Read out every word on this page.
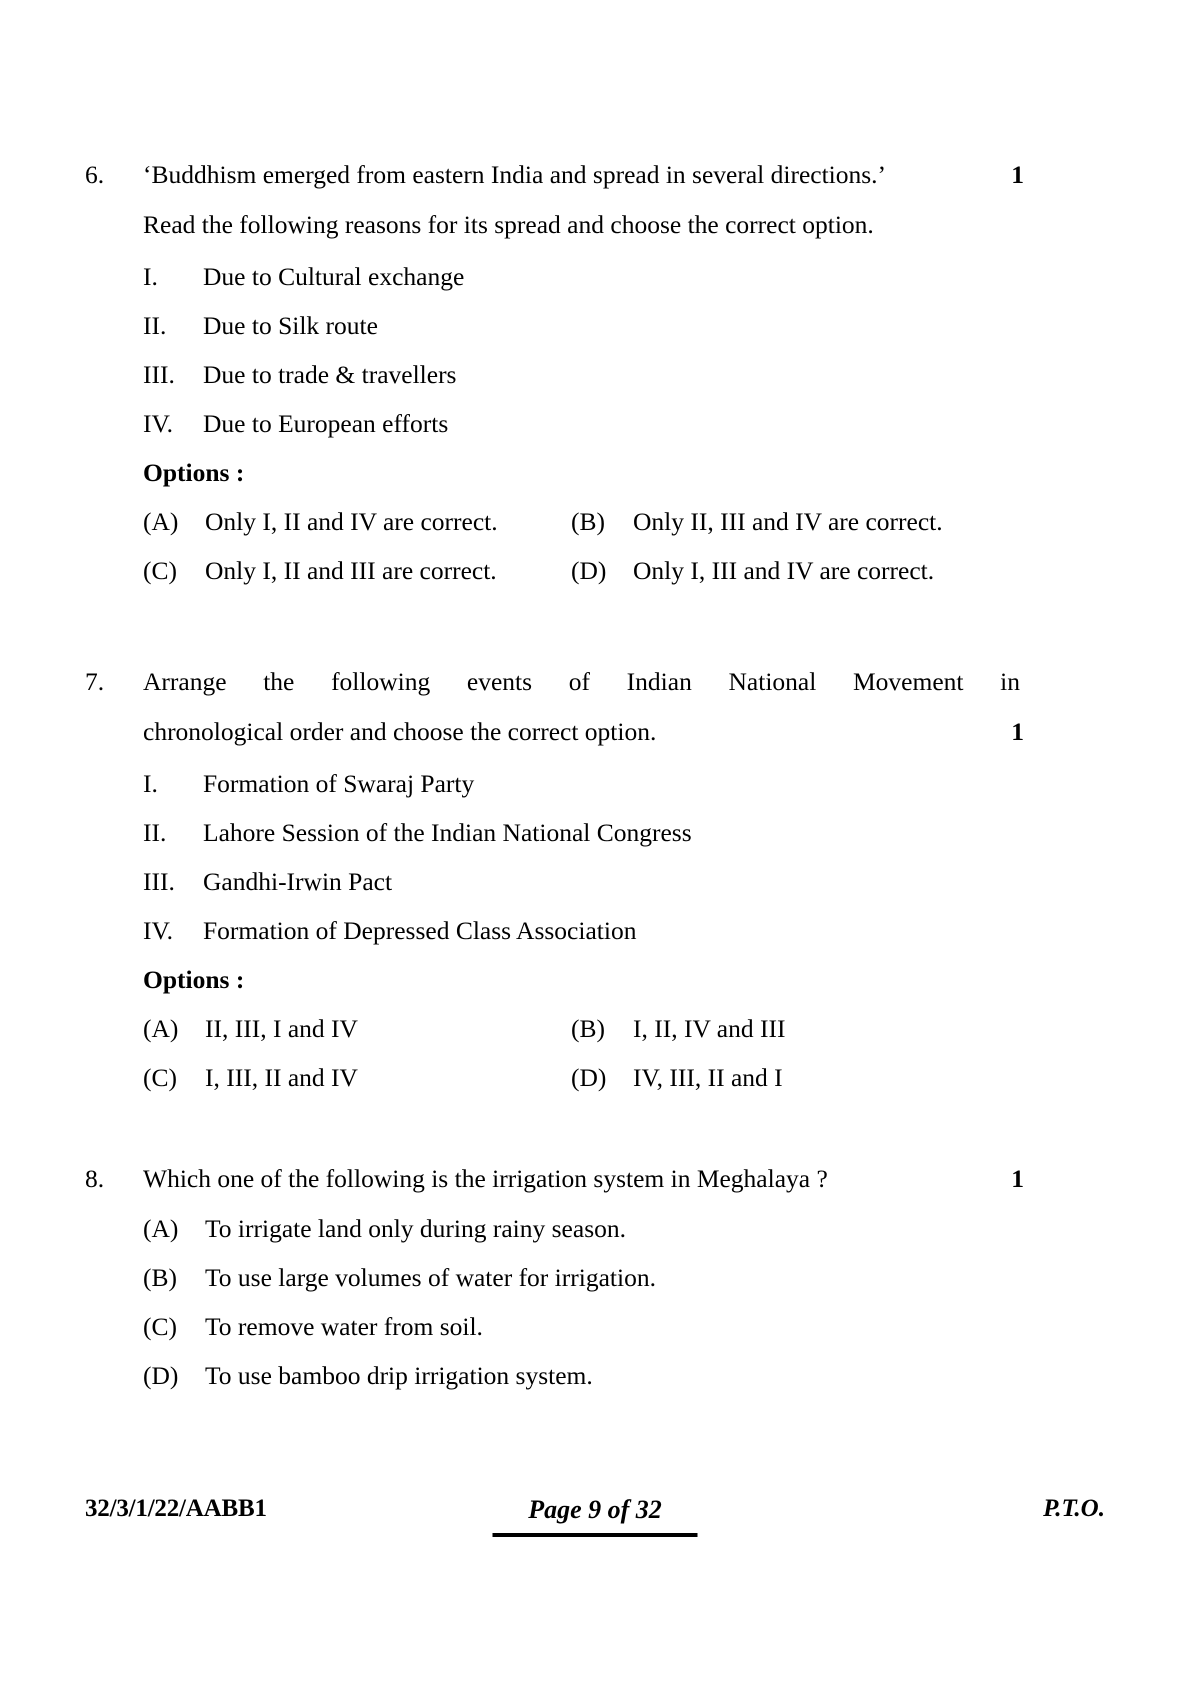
6.	‘Buddhism emerged from eastern India and spread in several directions.’	1
Read the following reasons for its spread and choose the correct option.
I.	Due to Cultural exchange
II.	Due to Silk route
III.	Due to trade & travellers
IV.	Due to European efforts
Options :
(A)	Only I, II and IV are correct.	(B)	Only II, III and IV are correct.
(C)	Only I, II and III are correct.	(D)	Only I, III and IV are correct.
7.	Arrange the following events of Indian National Movement in
chronological order and choose the correct option.	1
I.	Formation of Swaraj Party
II.	Lahore Session of the Indian National Congress
III.	Gandhi-Irwin Pact
IV.	Formation of Depressed Class Association
Options :
(A)	II, III, I and IV	(B)	I, II, IV and III
(C)	I, III, II and IV	(D)	IV, III, II and I
8.	Which one of the following is the irrigation system in Meghalaya ?	1
(A)	To irrigate land only during rainy season.
(B)	To use large volumes of water for irrigation.
(C)	To remove water from soil.
(D)	To use bamboo drip irrigation system.
32/3/1/22/AABB1	Page 9 of 32	P.T.O.
